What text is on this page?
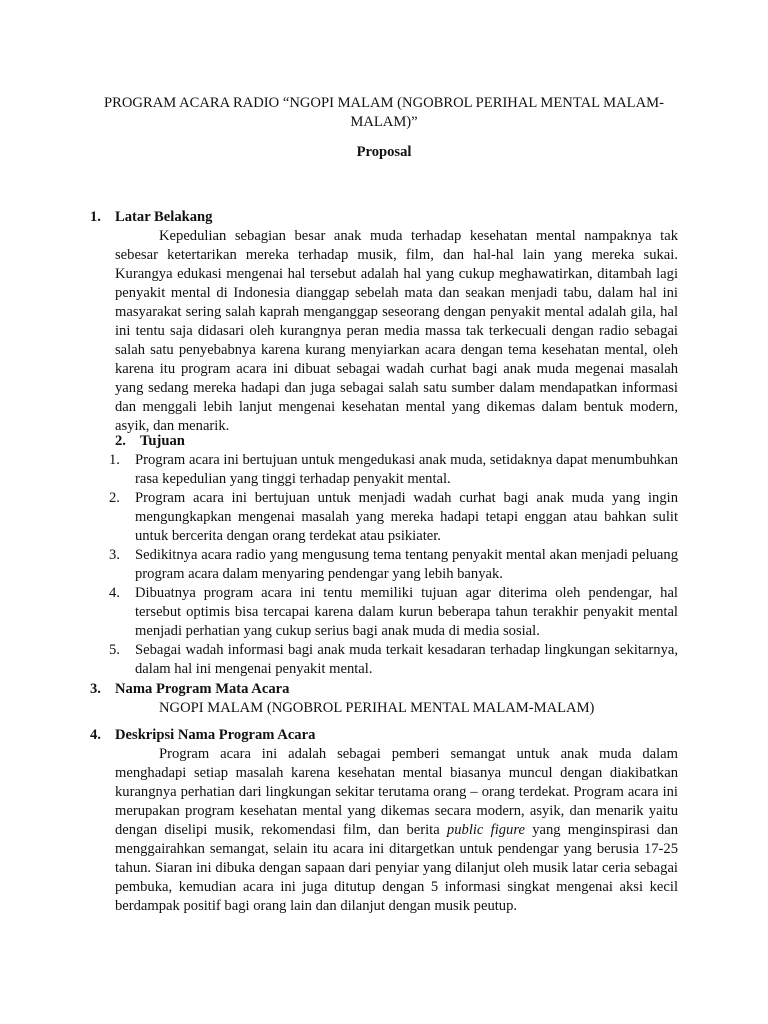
PROGRAM ACARA RADIO “NGOPI MALAM (NGOBROL PERIHAL MENTAL MALAM-MALAM)”
Proposal
1. Latar Belakang

Kepedulian sebagian besar anak muda terhadap kesehatan mental nampaknya tak sebesar ketertarikan mereka terhadap musik, film, dan hal-hal lain yang mereka sukai. Kurangya edukasi mengenai hal tersebut adalah hal yang cukup meghawatirkan, ditambah lagi penyakit mental di Indonesia dianggap sebelah mata dan seakan menjadi tabu, dalam hal ini masyarakat sering salah kaprah menganggap seseorang dengan penyakit mental adalah gila, hal ini tentu saja didasari oleh kurangnya peran media massa tak terkecuali dengan radio sebagai salah satu penyebabnya karena kurang menyiarkan acara dengan tema kesehatan mental, oleh karena itu program acara ini dibuat sebagai wadah curhat bagi anak muda megenai masalah yang sedang mereka hadapi dan juga sebagai salah satu sumber dalam mendapatkan informasi dan menggali lebih lanjut mengenai kesehatan mental yang dikemas dalam bentuk modern, asyik, dan menarik.

2. Tujuan
1. Program acara ini bertujuan untuk mengedukasi anak muda, setidaknya dapat menumbuhkan rasa kepedulian yang tinggi terhadap penyakit mental.
2. Program acara ini bertujuan untuk menjadi wadah curhat bagi anak muda yang ingin mengungkapkan mengenai masalah yang mereka hadapi tetapi enggan atau bahkan sulit untuk bercerita dengan orang terdekat atau psikiater.
3. Sedikitnya acara radio yang mengusung tema tentang penyakit mental akan menjadi peluang program acara dalam menyaring pendengar yang lebih banyak.
4. Dibuatnya program acara ini tentu memiliki tujuan agar diterima oleh pendengar, hal tersebut optimis bisa tercapai karena dalam kurun beberapa tahun terakhir penyakit mental menjadi perhatian yang cukup serius bagi anak muda di media sosial.
5. Sebagai wadah informasi bagi anak muda terkait kesadaran terhadap lingkungan sekitarnya, dalam hal ini mengenai penyakit mental.
3. Nama Program Mata Acara
NGOPI MALAM (NGOBROL PERIHAL MENTAL MALAM-MALAM)
4. Deskripsi Nama Program Acara

Program acara ini adalah sebagai pemberi semangat untuk anak muda dalam menghadapi setiap masalah karena kesehatan mental biasanya muncul dengan diakibatkan kurangnya perhatian dari lingkungan sekitar terutama orang – orang terdekat. Program acara ini merupakan program kesehatan mental yang dikemas secara modern, asyik, dan menarik yaitu dengan diselipi musik, rekomendasi film, dan berita public figure yang menginspirasi dan menggairahkan semangat, selain itu acara ini ditargetkan untuk pendengar yang berusia 17-25 tahun. Siaran ini dibuka dengan sapaan dari penyiar yang dilanjut oleh musik latar ceria sebagai pembuka, kemudian acara ini juga ditutup dengan 5 informasi singkat mengenai aksi kecil berdampak positif bagi orang lain dan dilanjut dengan musik peutup.
